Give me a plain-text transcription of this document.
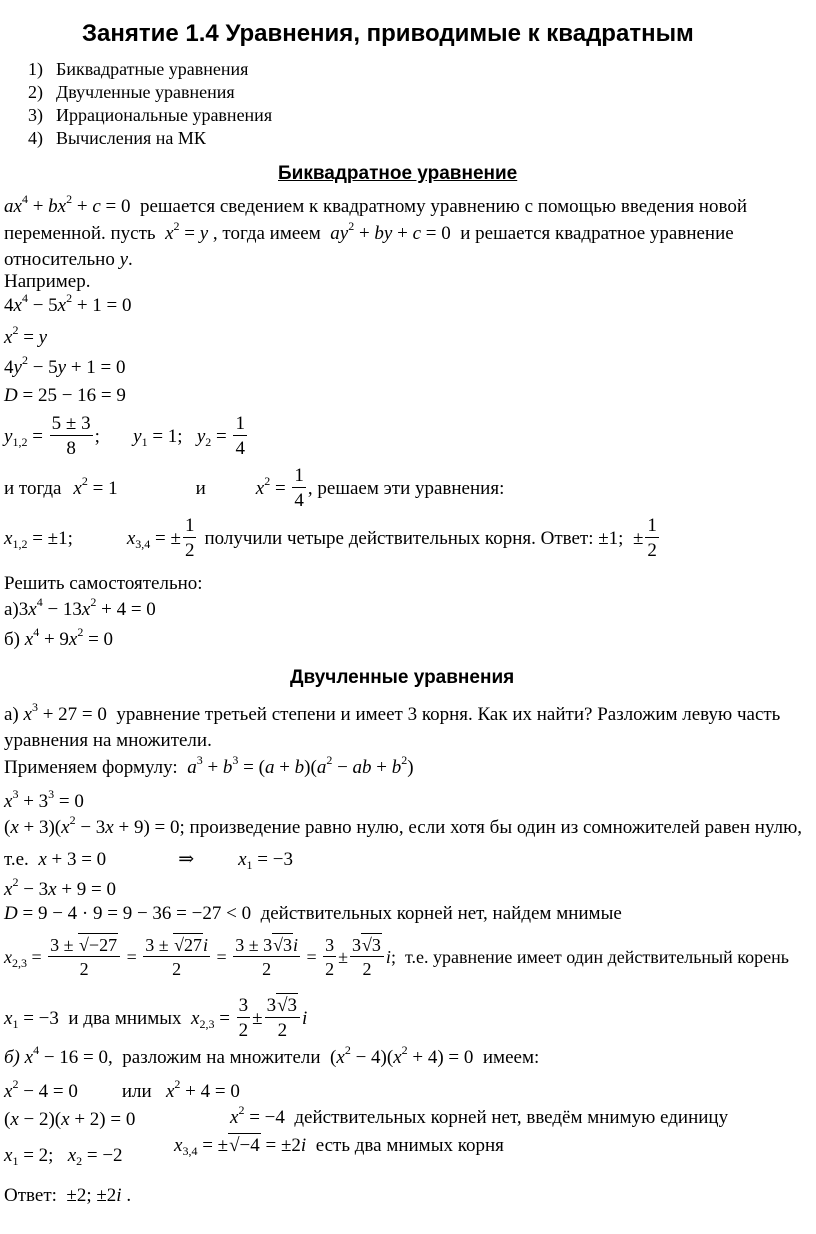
Занятие 1.4 Уравнения, приводимые к квадратным
1) Биквадратные уравнения
2) Двучленные уравнения
3) Иррациональные уравнения
4) Вычисления на МК
Биквадратное уравнение
$ax^4 + bx^2 + c = 0$  решается сведением к квадратному уравнению с помощью введения новой
переменной. пусть $x^2 = y$ , тогда имеем $ay^2$ + by + c = 0  и решается квадратное уравнение
относительно y.
Например.
$4x^4 - 5x^2 + 1 = 0$
$x^2 = y$
$4y^2 - 5y + 1 = 0$
D = 25 − 16 = 9
$y_{1,2} = \frac{5 \pm 3}{8}$ ;       $y_1 = 1$;   $y_2 = \frac{1}{4}$
и тогда $x^2 = 1$	и	$x^2 = \frac{1}{4}$ , решаем эти уравнения:
$x_{1,2} = \pm 1$;	$x_{3,4}$ = ± $\frac{1}{2}$ получили четыре действительных корня. Ответ: ±1;  ± $\frac{1}{2}$
Решить самостоятельно:
$а)3x^4 - 13x^2 + 4 = 0$
б) $x^4 + 9x^2 = 0$
Двучленные уравнения
а) $x^3 + 27 = 0$  уравнение третьей степени и имеет 3 корня. Как их найти? Разложим левую часть
уравнения на множители.
Применяем формулу: $a^3 + b^3 = (a + b)(a^2$ − ab + $b^2$)
$x^3 + 3^3 = 0$
$(x + 3)(x^2 - 3x + 9) = 0$; произведение равно нулю, если хотя бы один из сомножителей равен нулю,
т.е. x + 3 = 0	⇒ $x_1 = -3$
$x^2 - 3x + 9 = 0$
D = 9 − 4 · 9 = 9 − 36 = −27 < 0  действительных корней нет, найдем мнимые
$x_{2,3} = \frac{3 \pm √-27}{2} = \frac{3 \pm √27i}{2} = \frac{3 \pm 3√3i}{2} = \frac{3}{2} \pm \frac{3√3}{2} i$; т.е. уравнение имеет один действительный корень
$x_1 = -3$ и два мнимых $x_{2,3} = \frac{3}{2} \pm \frac{3√3}{2}$ i
б) $x^4 - 16 = 0$,  разложим на множители  $(x^2 - 4)(x^2 + 4) = 0$  имеем:
$x^2 - 4 = 0$ или $x^2 + 4 = 0$
(x − 2)(x + 2) = 0	$x^2 = -4$  действительных корней нет, введём мнимую единицу
$x_1 = 2$;   $x_2 = -2$	$x_{3,4} = \pm√-4 = \pm 2i$ есть два мнимых корня
Ответ:  ±2; ±2i .
